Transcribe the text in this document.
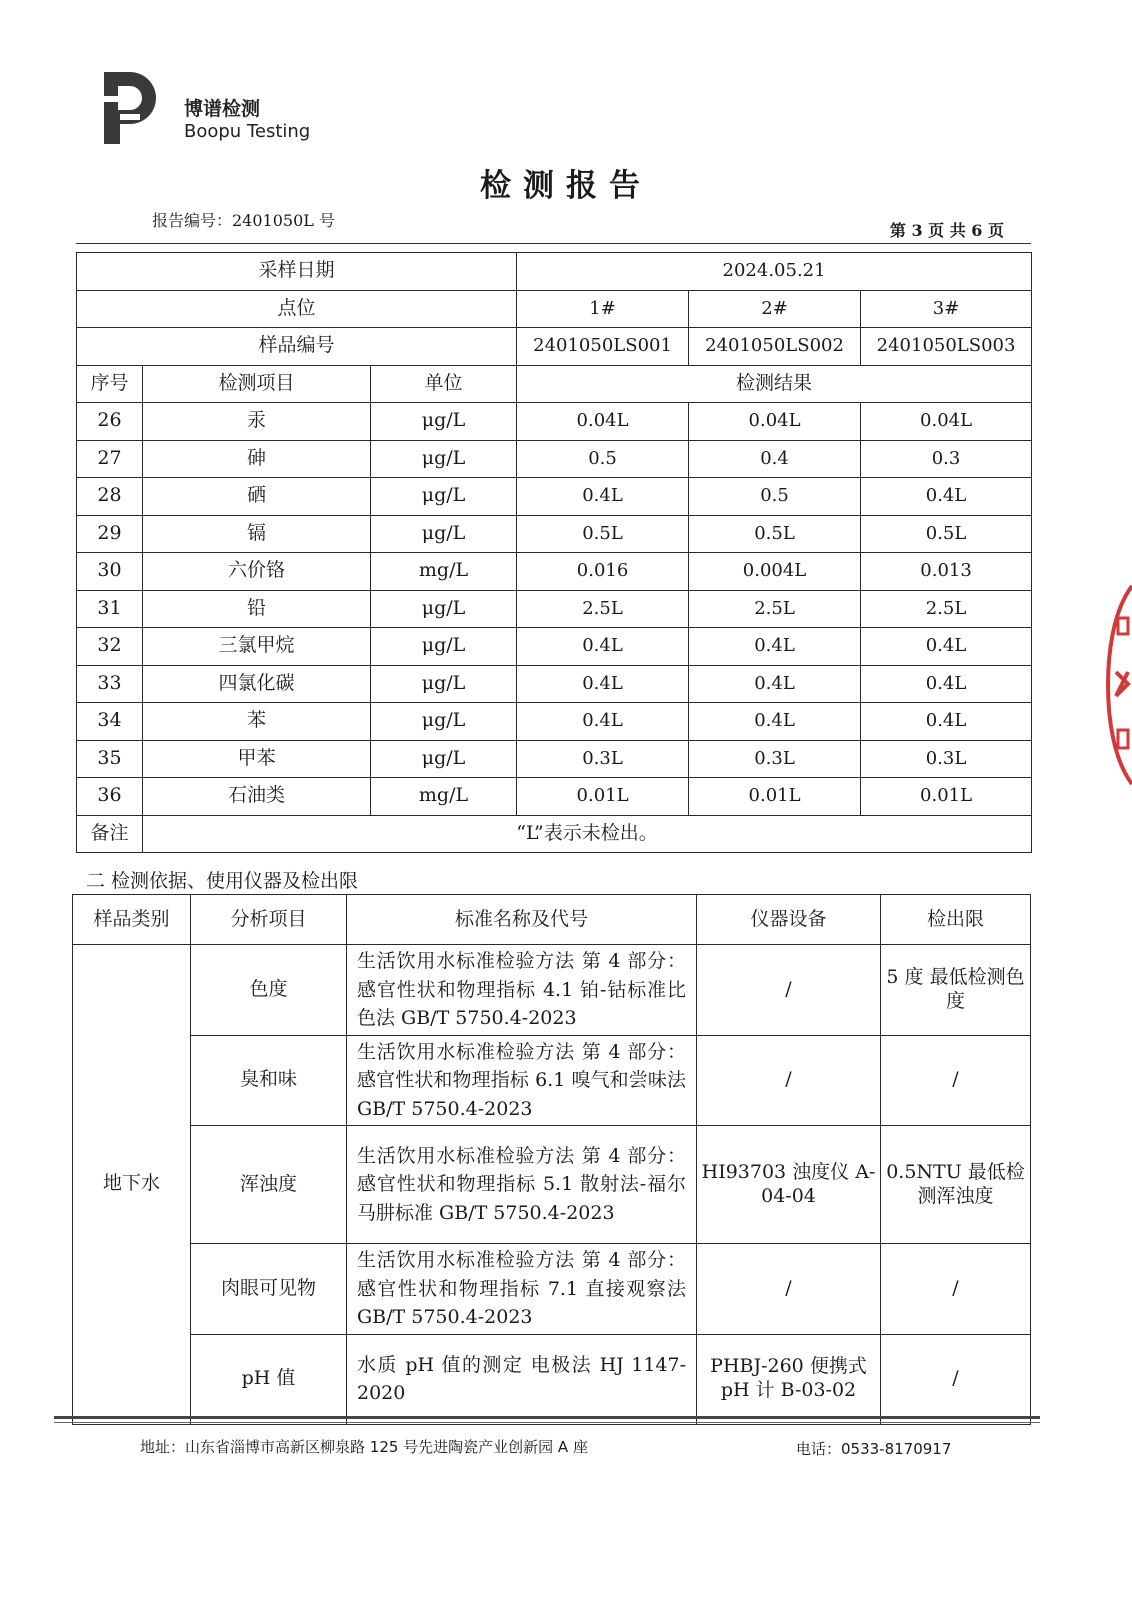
博谱检测
Boopu Testing
检测报告
报告编号：2401050L 号
第 3 页 共 6 页
采样日期			2024.05.21		
点位			1#	2#	3#
样品编号			2401050LS001	2401050LS002	2401050LS003
序号	检测项目	单位	检测结果		
26	汞	μg/L	0.04L	0.04L	0.04L
27	砷	μg/L	0.5	0.4	0.3
28	硒	μg/L	0.4L	0.5	0.4L
29	镉	μg/L	0.5L	0.5L	0.5L
30	六价铬	mg/L	0.016	0.004L	0.013
31	铅	μg/L	2.5L	2.5L	2.5L
32	三氯甲烷	μg/L	0.4L	0.4L	0.4L
33	四氯化碳	μg/L	0.4L	0.4L	0.4L
34	苯	μg/L	0.4L	0.4L	0.4L
35	甲苯	μg/L	0.3L	0.3L	0.3L
36	石油类	mg/L	0.01L	0.01L	0.01L
备注	“L”表示未检出。				
二 检测依据、使用仪器及检出限
样品类别	分析项目	标准名称及代号	仪器设备	检出限
地下水	色度	生活饮用水标准检验方法 第 4 部分：感官性状和物理指标 4.1 铂-钴标准比色法 GB/T 5750.4-2023	/	5 度 最低检测色度
	臭和味	生活饮用水标准检验方法 第 4 部分：感官性状和物理指标 6.1 嗅气和尝味法 GB/T 5750.4-2023	/	/
	浑浊度	生活饮用水标准检验方法 第 4 部分：感官性状和物理指标 5.1 散射法-福尔马肼标准 GB/T 5750.4-2023	HI93703 浊度仪 A-04-04	0.5NTU 最低检测浑浊度
	肉眼可见物	生活饮用水标准检验方法 第 4 部分：感官性状和物理指标 7.1 直接观察法 GB/T 5750.4-2023	/	/
	pH 值	水质 pH 值的测定 电极法 HJ 1147-2020	PHBJ-260 便携式 pH 计 B-03-02	/
地址：山东省淄博市高新区柳泉路 125 号先进陶瓷产业创新园 A 座	电话：0533-8170917
